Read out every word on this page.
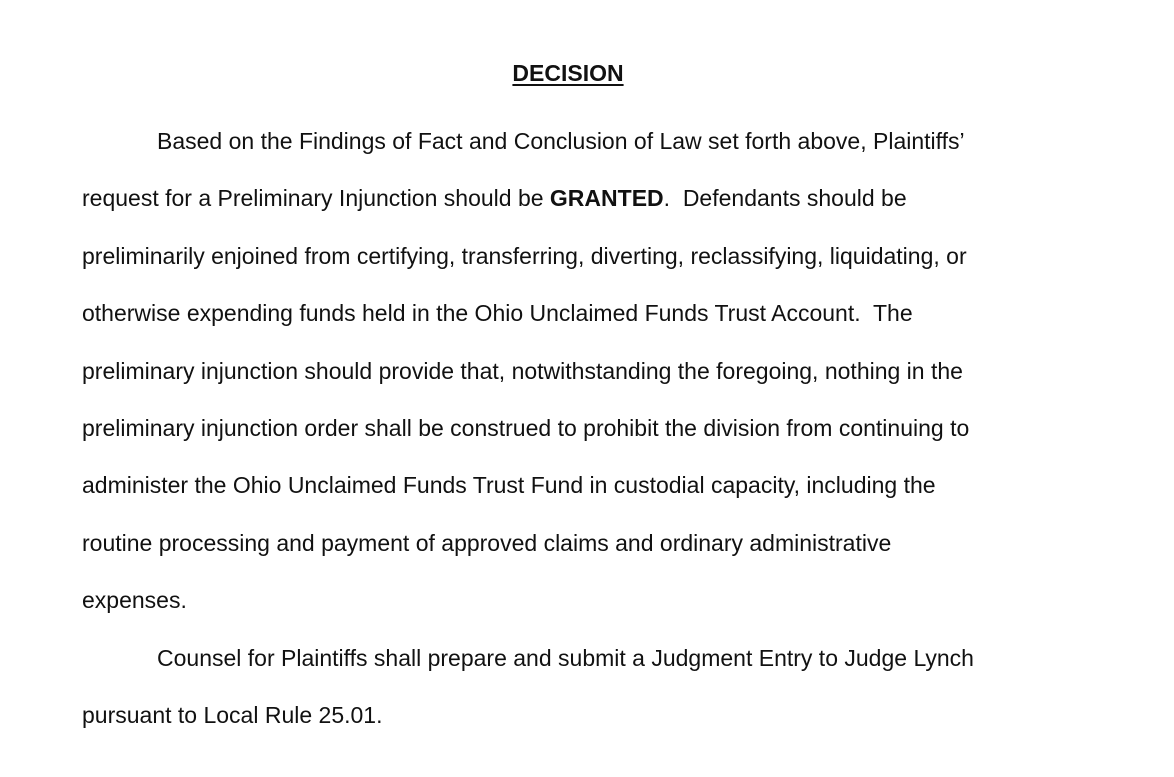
DECISION
Based on the Findings of Fact and Conclusion of Law set forth above, Plaintiffs’
request for a Preliminary Injunction should be GRANTED.  Defendants should be
preliminarily enjoined from certifying, transferring, diverting, reclassifying, liquidating, or
otherwise expending funds held in the Ohio Unclaimed Funds Trust Account.  The
preliminary injunction should provide that, notwithstanding the foregoing, nothing in the
preliminary injunction order shall be construed to prohibit the division from continuing to
administer the Ohio Unclaimed Funds Trust Fund in custodial capacity, including the
routine processing and payment of approved claims and ordinary administrative
expenses.
Counsel for Plaintiffs shall prepare and submit a Judgment Entry to Judge Lynch
pursuant to Local Rule 25.01.
